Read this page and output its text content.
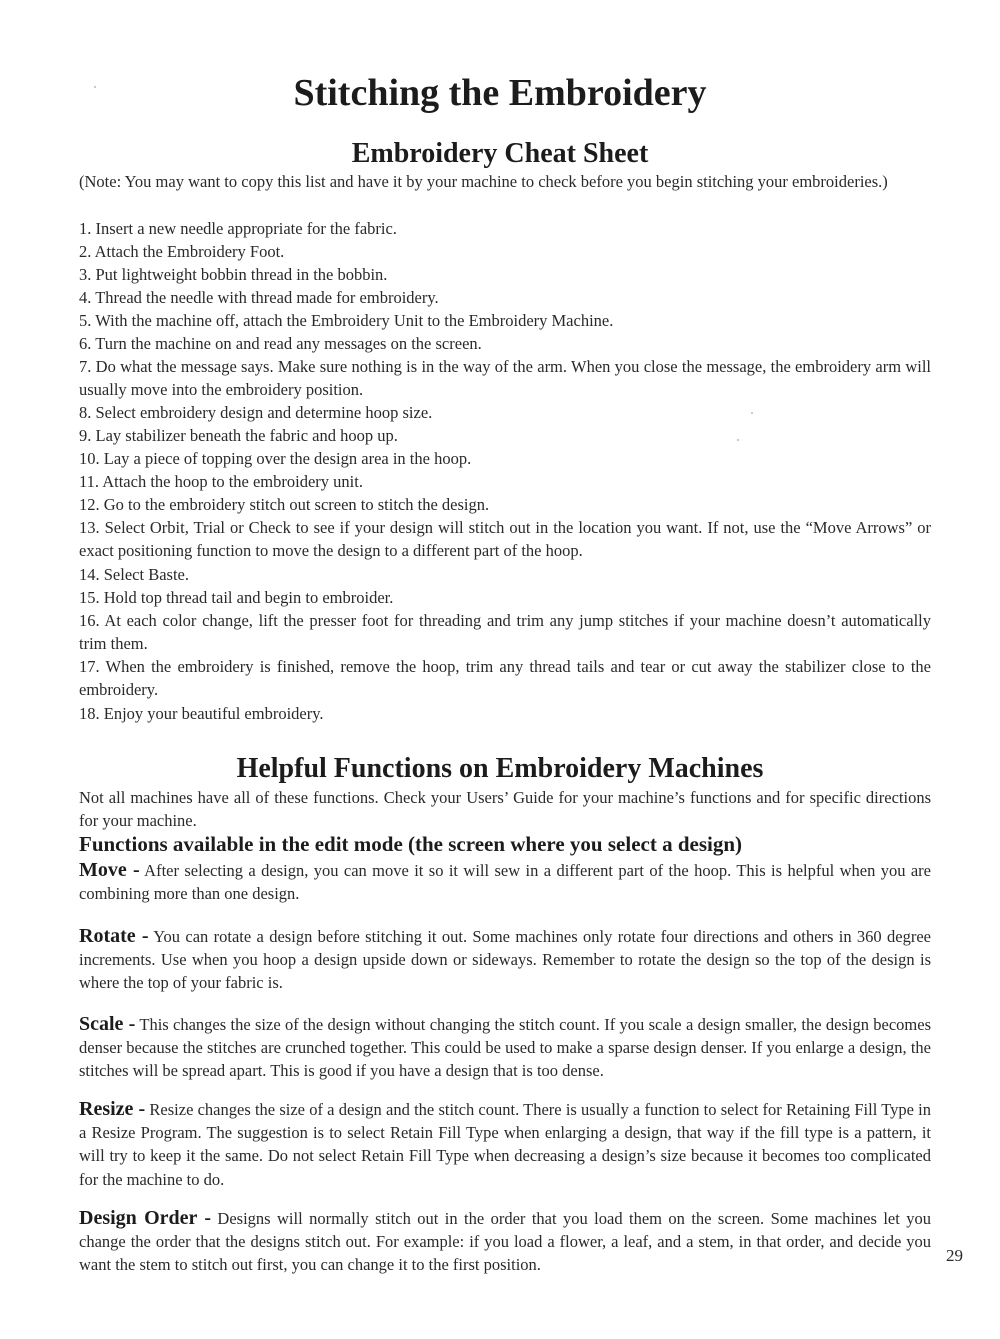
Stitching the Embroidery
Embroidery Cheat Sheet

(Note: You may want to copy this list and have it by your machine to check before you begin stitching your embroideries.)

1. Insert a new needle appropriate for the fabric.

2. Attach the Embroidery Foot.

3. Put lightweight bobbin thread in the bobbin.

4. Thread the needle with thread made for embroidery.

5. With the machine off, attach the Embroidery Unit to the Embroidery Machine.

6. Turn the machine on and read any messages on the screen.

7. Do what the message says. Make sure nothing is in the way of the arm. When you close the message, the embroidery arm will usually move into the embroidery position.

8. Select embroidery design and determine hoop size.

9. Lay stabilizer beneath the fabric and hoop up.

10. Lay a piece of topping over the design area in the hoop.

11. Attach the hoop to the embroidery unit.

12. Go to the embroidery stitch out screen to stitch the design.

13. Select Orbit, Trial or Check to see if your design will stitch out in the location you want. If not, use the “Move Arrows” or exact positioning function to move the design to a different part of the hoop.

14. Select Baste.

15. Hold top thread tail and begin to embroider.

16. At each color change, lift the presser foot for threading and trim any jump stitches if your machine doesn’t automatically trim them.

17. When the embroidery is finished, remove the hoop, trim any thread tails and tear or cut away the stabilizer close to the embroidery.

18. Enjoy your beautiful embroidery.

Helpful Functions on Embroidery Machines

Not all machines have all of these functions. Check your Users’ Guide for your machine’s functions and for specific directions for your machine.

Functions available in the edit mode (the screen where you select a design)

Move - After selecting a design, you can move it so it will sew in a different part of the hoop. This is helpful when you are combining more than one design.

Rotate - You can rotate a design before stitching it out. Some machines only rotate four directions and others in 360 degree increments. Use when you hoop a design upside down or sideways. Remember to rotate the design so the top of the design is where the top of your fabric is.

Scale - This changes the size of the design without changing the stitch count. If you scale a design smaller, the design becomes denser because the stitches are crunched together. This could be used to make a sparse design denser. If you enlarge a design, the stitches will be spread apart. This is good if you have a design that is too dense.

Resize - Resize changes the size of a design and the stitch count. There is usually a function to select for Retaining Fill Type in a Resize Program. The suggestion is to select Retain Fill Type when enlarging a design, that way if the fill type is a pattern, it will try to keep it the same. Do not select Retain Fill Type when decreasing a design’s size because it becomes too complicated for the machine to do.

Design Order - Designs will normally stitch out in the order that you load them on the screen. Some machines let you change the order that the designs stitch out. For example: if you load a flower, a leaf, and a stem, in that order, and decide you want the stem to stitch out first, you can change it to the first position.	29
